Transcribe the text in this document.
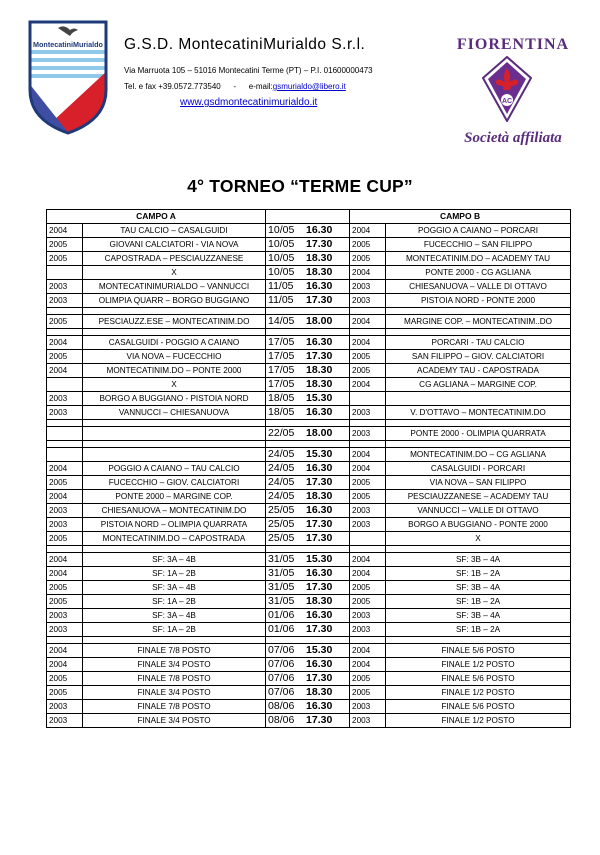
MontecatiniMurialdo G.S.D. MontecatiniMurialdo S.r.l.
Via Marruota 105 – 51016 Montecatini Terme (PT) – P.I. 01600000473
Tel. e fax +39.0572.773540 - e-mail:gsmurialdo@libero.it
www.gsdmontecatinimurialdo.it
FIORENTINA
AC
Società affiliata
4° TORNEO “TERME CUP”
CAMPO A			CAMPO B	
2004	TAU CALCIO – CASALGUIDI	10/05 16.30	2004	POGGIO A CAIANO – PORCARI
2005	GIOVANI CALCIATORI - VIA NOVA	10/05 17.30	2005	FUCECCHIO – SAN FILIPPO
2005	CAPOSTRADA – PESCIAUZZANESE	10/05 18.30	2005	MONTECATINIM.DO – ACADEMY TAU
	X	10/05 18.30	2004	PONTE 2000 - CG AGLIANA
2003	MONTECATINIMURIALDO – VANNUCCI	11/05 16.30	2003	CHIESANUOVA – VALLE DI OTTAVO
2003	OLIMPIA QUARR – BORGO BUGGIANO	11/05 17.30	2003	PISTOIA NORD - PONTE 2000

2005	PESCIAUZZ.ESE – MONTECATINIM.DO	14/05 18.00	2004	MARGINE COP. – MONTECATINIM..DO

2004	CASALGUIDI - POGGIO A CAIANO	17/05 16.30	2004	PORCARI - TAU CALCIO
2005	VIA NOVA – FUCECCHIO	17/05 17.30	2005	SAN FILIPPO – GIOV. CALCIATORI
2004	MONTECATINIM.DO – PONTE 2000	17/05 18.30	2005	ACADEMY TAU - CAPOSTRADA
	X	17/05 18.30	2004	CG AGLIANA – MARGINE COP.
2003	BORGO A BUGGIANO - PISTOIA NORD	18/05 15.30		
2003	VANNUCCI – CHIESANUOVA	18/05 16.30	2003	V. D'OTTAVO – MONTECATINIM.DO

		22/05 18.00	2003	PONTE 2000 - OLIMPIA QUARRATA

		24/05 15.30	2004	MONTECATINIM.DO – CG AGLIANA
2004	POGGIO A CAIANO – TAU CALCIO	24/05 16.30	2004	CASALGUIDI - PORCARI
2005	FUCECCHIO – GIOV. CALCIATORI	24/05 17.30	2005	VIA NOVA – SAN FILIPPO
2004	PONTE 2000 – MARGINE COP.	24/05 18.30	2005	PESCIAUZZANESE – ACADEMY TAU
2003	CHIESANUOVA – MONTECATINIM.DO	25/05 16.30	2003	VANNUCCI – VALLE DI OTTAVO
2003	PISTOIA NORD – OLIMPIA QUARRATA	25/05 17.30	2003	BORGO A BUGGIANO - PONTE 2000
2005	MONTECATINIM.DO – CAPOSTRADA	25/05 17.30		X

2004	SF: 3A – 4B	31/05 15.30	2004	SF: 3B – 4A
2004	SF: 1A – 2B	31/05 16.30	2004	SF: 1B – 2A
2005	SF: 3A – 4B	31/05 17.30	2005	SF: 3B – 4A
2005	SF: 1A – 2B	31/05 18.30	2005	SF: 1B – 2A
2003	SF: 3A – 4B	01/06 16.30	2003	SF: 3B – 4A
2003	SF: 1A – 2B	01/06 17.30	2003	SF: 1B – 2A

2004	FINALE 7/8 POSTO	07/06 15.30	2004	FINALE 5/6 POSTO
2004	FINALE 3/4 POSTO	07/06 16.30	2004	FINALE 1/2 POSTO
2005	FINALE 7/8 POSTO	07/06 17.30	2005	FINALE 5/6 POSTO
2005	FINALE 3/4 POSTO	07/06 18.30	2005	FINALE 1/2 POSTO
2003	FINALE 7/8 POSTO	08/06 16.30	2003	FINALE 5/6 POSTO
2003	FINALE 3/4 POSTO	08/06 17.30	2003	FINALE 1/2 POSTO
